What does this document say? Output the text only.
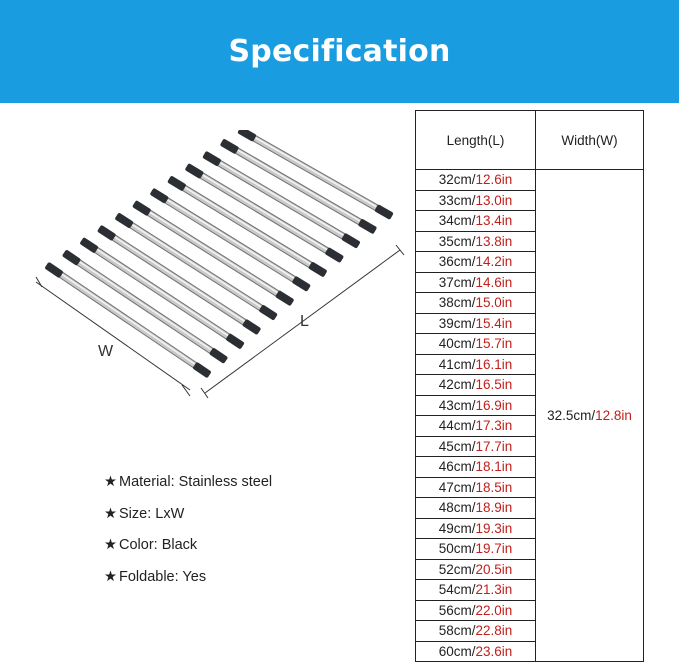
Specification
W
L
★ Material: Stainless steel
★ Size: LxW
★ Color: Black
★ Foldable: Yes
Length(L)	Width(W)
32cm/12.6in	32.5cm/12.8in
33cm/13.0in	
34cm/13.4in	
35cm/13.8in	
36cm/14.2in	
37cm/14.6in	
38cm/15.0in	
39cm/15.4in	
40cm/15.7in	
41cm/16.1in	
42cm/16.5in	
43cm/16.9in	
44cm/17.3in	
45cm/17.7in	
46cm/18.1in	
47cm/18.5in	
48cm/18.9in	
49cm/19.3in	
50cm/19.7in	
52cm/20.5in	
54cm/21.3in	
56cm/22.0in	
58cm/22.8in	
60cm/23.6in	
